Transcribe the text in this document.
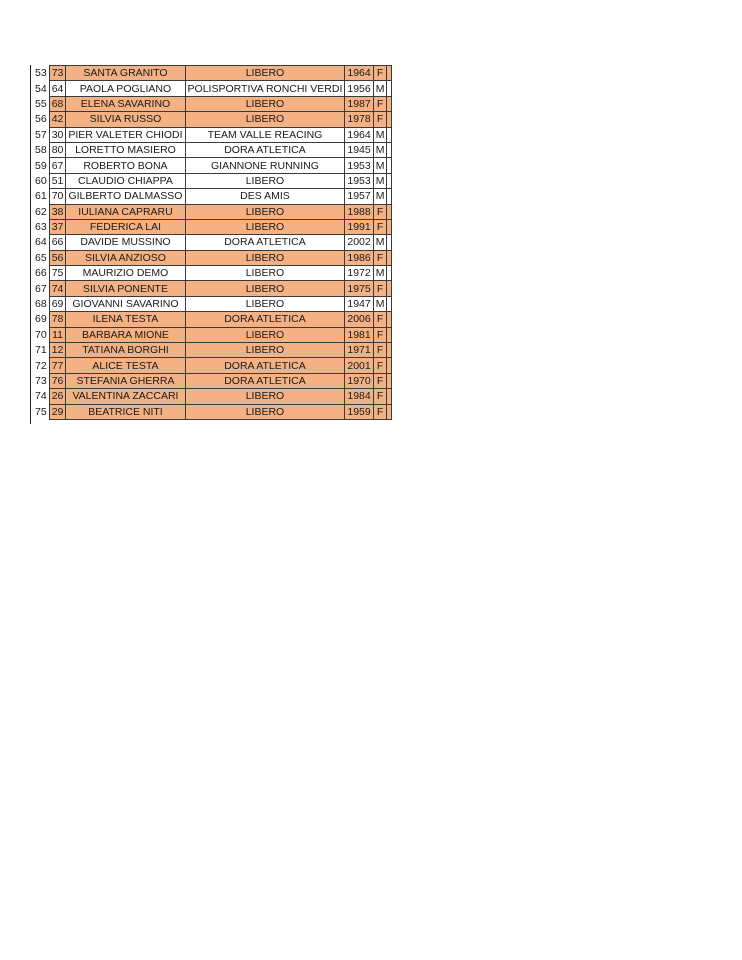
53	73	SANTA GRANITO	LIBERO	1964	F	
54	64	PAOLA POGLIANO	POLISPORTIVA RONCHI VERDI	1956	M	
55	68	ELENA SAVARINO	LIBERO	1987	F	
56	42	SILVIA RUSSO	LIBERO	1978	F	
57	30	PIER VALETER CHIODI	TEAM VALLE REACING	1964	M	
58	80	LORETTO MASIERO	DORA ATLETICA	1945	M	
59	67	ROBERTO BONA	GIANNONE RUNNING	1953	M	
60	51	CLAUDIO CHIAPPA	LIBERO	1953	M	
61	70	GILBERTO DALMASSO	DES AMIS	1957	M	
62	38	IULIANA CAPRARU	LIBERO	1988	F	
63	37	FEDERICA LAI	LIBERO	1991	F	
64	66	DAVIDE MUSSINO	DORA ATLETICA	2002	M	
65	56	SILVIA ANZIOSO	LIBERO	1986	F	
66	75	MAURIZIO DEMO	LIBERO	1972	M	
67	74	SILVIA PONENTE	LIBERO	1975	F	
68	69	GIOVANNI SAVARINO	LIBERO	1947	M	
69	78	ILENA TESTA	DORA ATLETICA	2006	F	
70	11	BARBARA MIONE	LIBERO	1981	F	
71	12	TATIANA BORGHI	LIBERO	1971	F	
72	77	ALICE TESTA	DORA ATLETICA	2001	F	
73	76	STEFANIA GHERRA	DORA ATLETICA	1970	F	
74	26	VALENTINA ZACCARI	LIBERO	1984	F	
75	29	BEATRICE NITI	LIBERO	1959	F	
